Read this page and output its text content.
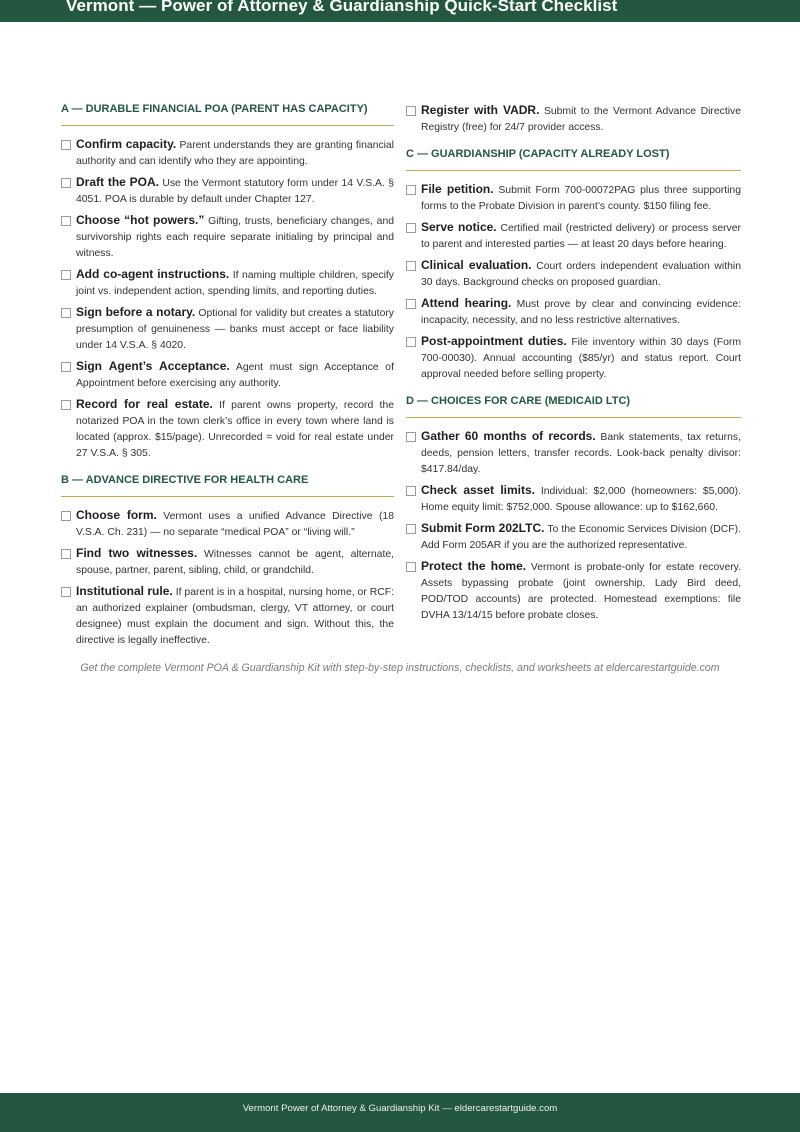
Vermont — Power of Attorney & Guardianship Quick-Start Checklist
A — DURABLE FINANCIAL POA (PARENT HAS CAPACITY)
Confirm capacity. Parent understands they are granting financial authority and can identify who they are appointing.
Draft the POA. Use the Vermont statutory form under 14 V.S.A. § 4051. POA is durable by default under Chapter 127.
Choose “hot powers.” Gifting, trusts, beneficiary changes, and survivorship rights each require separate initialing by principal and witness.
Add co-agent instructions. If naming multiple children, specify joint vs. independent action, spending limits, and reporting duties.
Sign before a notary. Optional for validity but creates a statutory presumption of genuineness — banks must accept or face liability under 14 V.S.A. § 4020.
Sign Agent’s Acceptance. Agent must sign Acceptance of Appointment before exercising any authority.
Record for real estate. If parent owns property, record the notarized POA in the town clerk’s office in every town where land is located (approx. $15/page). Unrecorded = void for real estate under 27 V.S.A. § 305.
B — ADVANCE DIRECTIVE FOR HEALTH CARE
Choose form. Vermont uses a unified Advance Directive (18 V.S.A. Ch. 231) — no separate “medical POA” or “living will.”
Find two witnesses. Witnesses cannot be agent, alternate, spouse, partner, parent, sibling, child, or grandchild.
Institutional rule. If parent is in a hospital, nursing home, or RCF: an authorized explainer (ombudsman, clergy, VT attorney, or court designee) must explain the document and sign. Without this, the directive is legally ineffective.
Register with VADR. Submit to the Vermont Advance Directive Registry (free) for 24/7 provider access.
C — GUARDIANSHIP (CAPACITY ALREADY LOST)
File petition. Submit Form 700-00072PAG plus three supporting forms to the Probate Division in parent’s county. $150 filing fee.
Serve notice. Certified mail (restricted delivery) or process server to parent and interested parties — at least 20 days before hearing.
Clinical evaluation. Court orders independent evaluation within 30 days. Background checks on proposed guardian.
Attend hearing. Must prove by clear and convincing evidence: incapacity, necessity, and no less restrictive alternatives.
Post-appointment duties. File inventory within 30 days (Form 700-00030). Annual accounting ($85/yr) and status report. Court approval needed before selling property.
D — CHOICES FOR CARE (MEDICAID LTC)
Gather 60 months of records. Bank statements, tax returns, deeds, pension letters, transfer records. Look-back penalty divisor: $417.84/day.
Check asset limits. Individual: $2,000 (homeowners: $5,000). Home equity limit: $752,000. Spouse allowance: up to $162,660.
Submit Form 202LTC. To the Economic Services Division (DCF). Add Form 205AR if you are the authorized representative.
Protect the home. Vermont is probate-only for estate recovery. Assets bypassing probate (joint ownership, Lady Bird deed, POD/TOD accounts) are protected. Homestead exemptions: file DVHA 13/14/15 before probate closes.
Get the complete Vermont POA & Guardianship Kit with step-by-step instructions, checklists, and worksheets at eldercarestartguide.com
Vermont Power of Attorney & Guardianship Kit — eldercarestartguide.com
